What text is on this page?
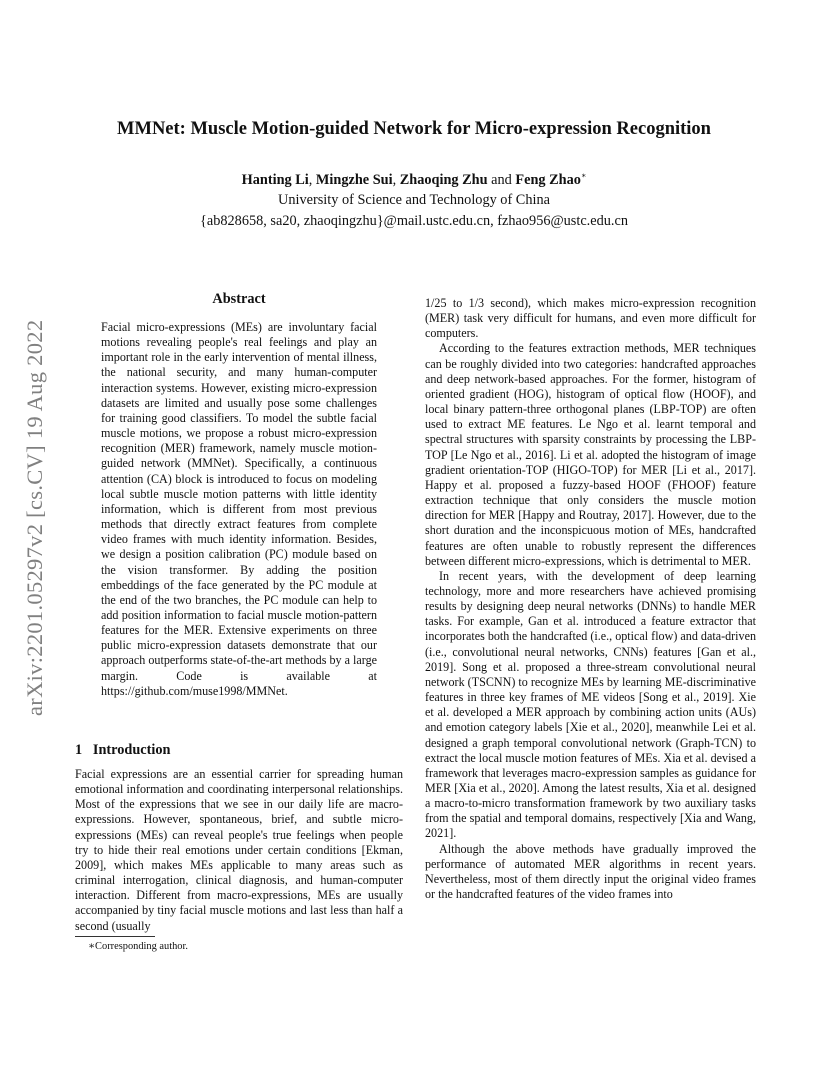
MMNet: Muscle Motion-guided Network for Micro-expression Recognition
Hanting Li, Mingzhe Sui, Zhaoqing Zhu and Feng Zhao∗
University of Science and Technology of China
{ab828658, sa20, zhaoqingzhu}@mail.ustc.edu.cn, fzhao956@ustc.edu.cn
arXiv:2201.05297v2 [cs.CV] 19 Aug 2022
Abstract

Facial micro-expressions (MEs) are involuntary facial motions revealing people's real feelings and play an important role in the early intervention of mental illness, the national security, and many human-computer interaction systems. However, existing micro-expression datasets are limited and usually pose some challenges for training good classifiers. To model the subtle facial muscle motions, we propose a robust micro-expression recognition (MER) framework, namely muscle motion-guided network (MMNet). Specifically, a continuous attention (CA) block is introduced to focus on modeling local subtle muscle motion patterns with little identity information, which is different from most previous methods that directly extract features from complete video frames with much identity information. Besides, we design a position calibration (PC) module based on the vision transformer. By adding the position embeddings of the face generated by the PC module at the end of the two branches, the PC module can help to add position information to facial muscle motion-pattern features for the MER. Extensive experiments on three public micro-expression datasets demonstrate that our approach outperforms state-of-the-art methods by a large margin. Code is available at https://github.com/muse1998/MMNet.

1 Introduction

Facial expressions are an essential carrier for spreading human emotional information and coordinating interpersonal relationships. Most of the expressions that we see in our daily life are macro-expressions. However, spontaneous, brief, and subtle micro-expressions (MEs) can reveal people's true feelings when people try to hide their real emotions under certain conditions [Ekman, 2009], which makes MEs applicable to many areas such as criminal interrogation, clinical diagnosis, and human-computer interaction. Different from macro-expressions, MEs are usually accompanied by tiny facial muscle motions and last less than half a second (usually

∗Corresponding author.

1/25 to 1/3 second), which makes micro-expression recognition (MER) task very difficult for humans, and even more difficult for computers.

According to the features extraction methods, MER techniques can be roughly divided into two categories: handcrafted approaches and deep network-based approaches. For the former, histogram of oriented gradient (HOG), histogram of optical flow (HOOF), and local binary pattern-three orthogonal planes (LBP-TOP) are often used to extract ME features. Le Ngo et al. learnt temporal and spectral structures with sparsity constraints by processing the LBP-TOP [Le Ngo et al., 2016]. Li et al. adopted the histogram of image gradient orientation-TOP (HIGO-TOP) for MER [Li et al., 2017]. Happy et al. proposed a fuzzy-based HOOF (FHOOF) feature extraction technique that only considers the muscle motion direction for MER [Happy and Routray, 2017]. However, due to the short duration and the inconspicuous motion of MEs, handcrafted features are often unable to robustly represent the differences between different micro-expressions, which is detrimental to MER.

In recent years, with the development of deep learning technology, more and more researchers have achieved promising results by designing deep neural networks (DNNs) to handle MER tasks. For example, Gan et al. introduced a feature extractor that incorporates both the handcrafted (i.e., optical flow) and data-driven (i.e., convolutional neural networks, CNNs) features [Gan et al., 2019]. Song et al. proposed a three-stream convolutional neural network (TSCNN) to recognize MEs by learning ME-discriminative features in three key frames of ME videos [Song et al., 2019]. Xie et al. developed a MER approach by combining action units (AUs) and emotion category labels [Xie et al., 2020], meanwhile Lei et al. designed a graph temporal convolutional network (Graph-TCN) to extract the local muscle motion features of MEs. Xia et al. devised a framework that leverages macro-expression samples as guidance for MER [Xia et al., 2020]. Among the latest results, Xia et al. designed a macro-to-micro transformation framework by two auxiliary tasks from the spatial and temporal domains, respectively [Xia and Wang, 2021].

Although the above methods have gradually improved the performance of automated MER algorithms in recent years. Nevertheless, most of them directly input the original video frames or the handcrafted features of the video frames into
